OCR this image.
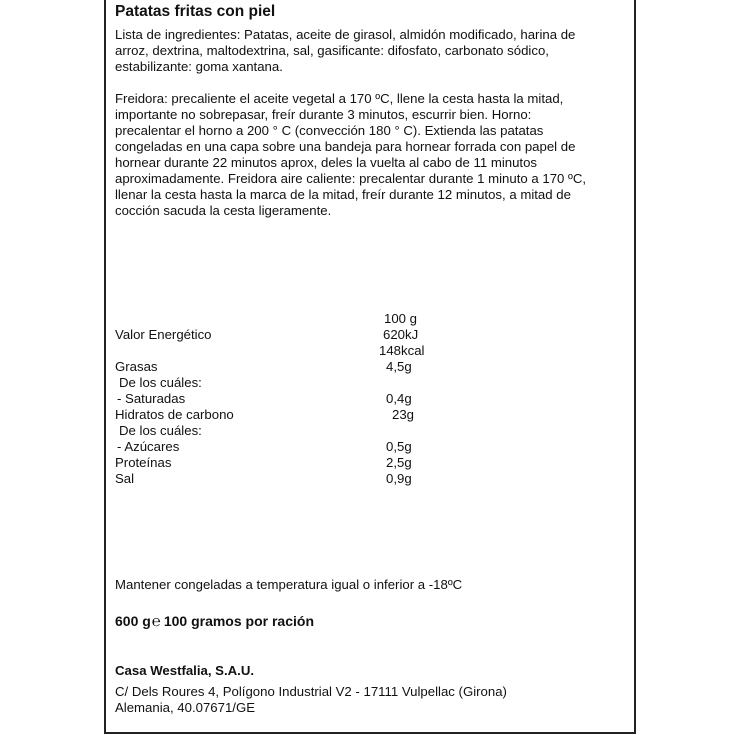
Patatas fritas con piel
Lista de ingredientes: Patatas, aceite de girasol, almidón modificado, harina de
arroz, dextrina, maltodextrina, sal, gasificante: difosfato, carbonato sódico,
estabilizante: goma xantana.
Freidora: precaliente el aceite vegetal a 170 ºC, llene la cesta hasta la mitad,
importante no sobrepasar, freír durante 3 minutos, escurrir bien. Horno:
precalentar el horno a 200 ° C (convección 180 ° C). Extienda las patatas
congeladas en una capa sobre una bandeja para hornear forrada con papel de
hornear durante 22 minutos aprox, deles la vuelta al cabo de 11 minutos
aproximadamente. Freidora aire caliente: precalentar durante 1 minuto a 170 ºC,
llenar la cesta hasta la marca de la mitad, freír durante 12 minutos, a mitad de
cocción sacuda la cesta ligeramente.
100 g
Valor Energético	620kJ
148kcal
Grasas	4,5g
De los cuáles:
- Saturadas	0,4g
Hidratos de carbono	23g
De los cuáles:
- Azúcares	0,5g
Proteínas	2,5g
Sal	0,9g
Mantener congeladas a temperatura igual o inferior a -18ºC
600 g℮ 100 gramos por ración
Casa Westfalia, S.A.U.
C/ Dels Roures 4, Polígono Industrial V2 - 17111 Vulpellac (Girona)
Alemania, 40.07671/GE
